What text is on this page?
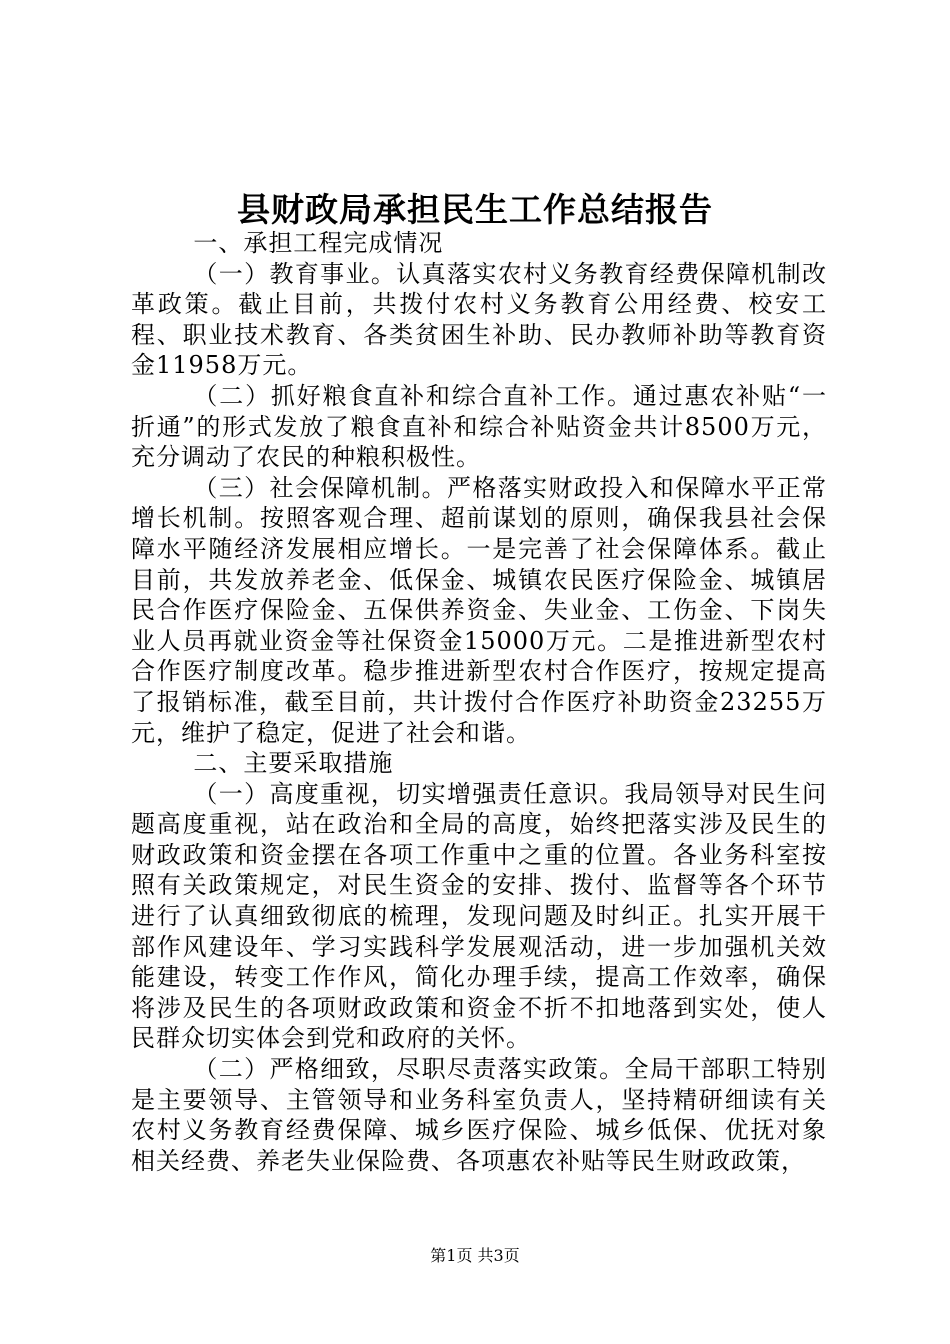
县财政局承担民生工作总结报告

一、承担工程完成情况

（一）教育事业。认真落实农村义务教育经费保障机制改革政策。截止目前，共拨付农村义务教育公用经费、校安工程、职业技术教育、各类贫困生补助、民办教师补助等教育资金11958万元。

（二）抓好粮食直补和综合直补工作。通过惠农补贴“一折通”的形式发放了粮食直补和综合补贴资金共计8500万元，充分调动了农民的种粮积极性。

（三）社会保障机制。严格落实财政投入和保障水平正常增长机制。按照客观合理、超前谋划的原则，确保我县社会保障水平随经济发展相应增长。一是完善了社会保障体系。截止目前，共发放养老金、低保金、城镇农民医疗保险金、城镇居民合作医疗保险金、五保供养资金、失业金、工伤金、下岗失业人员再就业资金等社保资金15000万元。二是推进新型农村合作医疗制度改革。稳步推进新型农村合作医疗，按规定提高了报销标准，截至目前，共计拨付合作医疗补助资金23255万元，维护了稳定，促进了社会和谐。

二、主要采取措施

（一）高度重视，切实增强责任意识。我局领导对民生问题高度重视，站在政治和全局的高度，始终把落实涉及民生的财政政策和资金摆在各项工作重中之重的位置。各业务科室按照有关政策规定，对民生资金的安排、拨付、监督等各个环节进行了认真细致彻底的梳理，发现问题及时纠正。扎实开展干部作风建设年、学习实践科学发展观活动，进一步加强机关效能建设，转变工作作风，简化办理手续，提高工作效率，确保将涉及民生的各项财政政策和资金不折不扣地落到实处，使人民群众切实体会到党和政府的关怀。

（二）严格细致，尽职尽责落实政策。全局干部职工特别是主要领导、主管领导和业务科室负责人，坚持精研细读有关农村义务教育经费保障、城乡医疗保险、城乡低保、优抚对象相关经费、养老失业保险费、各项惠农补贴等民生财政政策，

第1页 共3页
